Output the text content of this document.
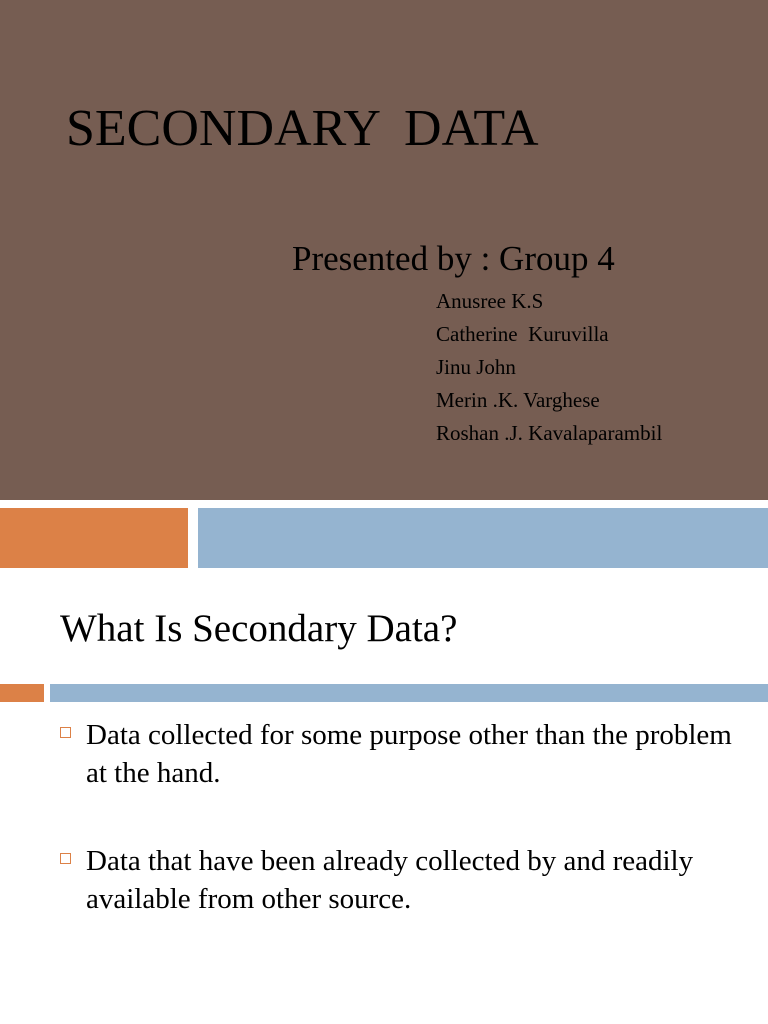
SECONDARY DATA
Presented by : Group 4
Anusree K.S
Catherine  Kuruvilla
Jinu John
Merin .K. Varghese
Roshan .J. Kavalaparambil
What Is Secondary Data?
Data collected for some purpose other than the problem at the hand.
Data that have been already collected by and readily available from other source.
